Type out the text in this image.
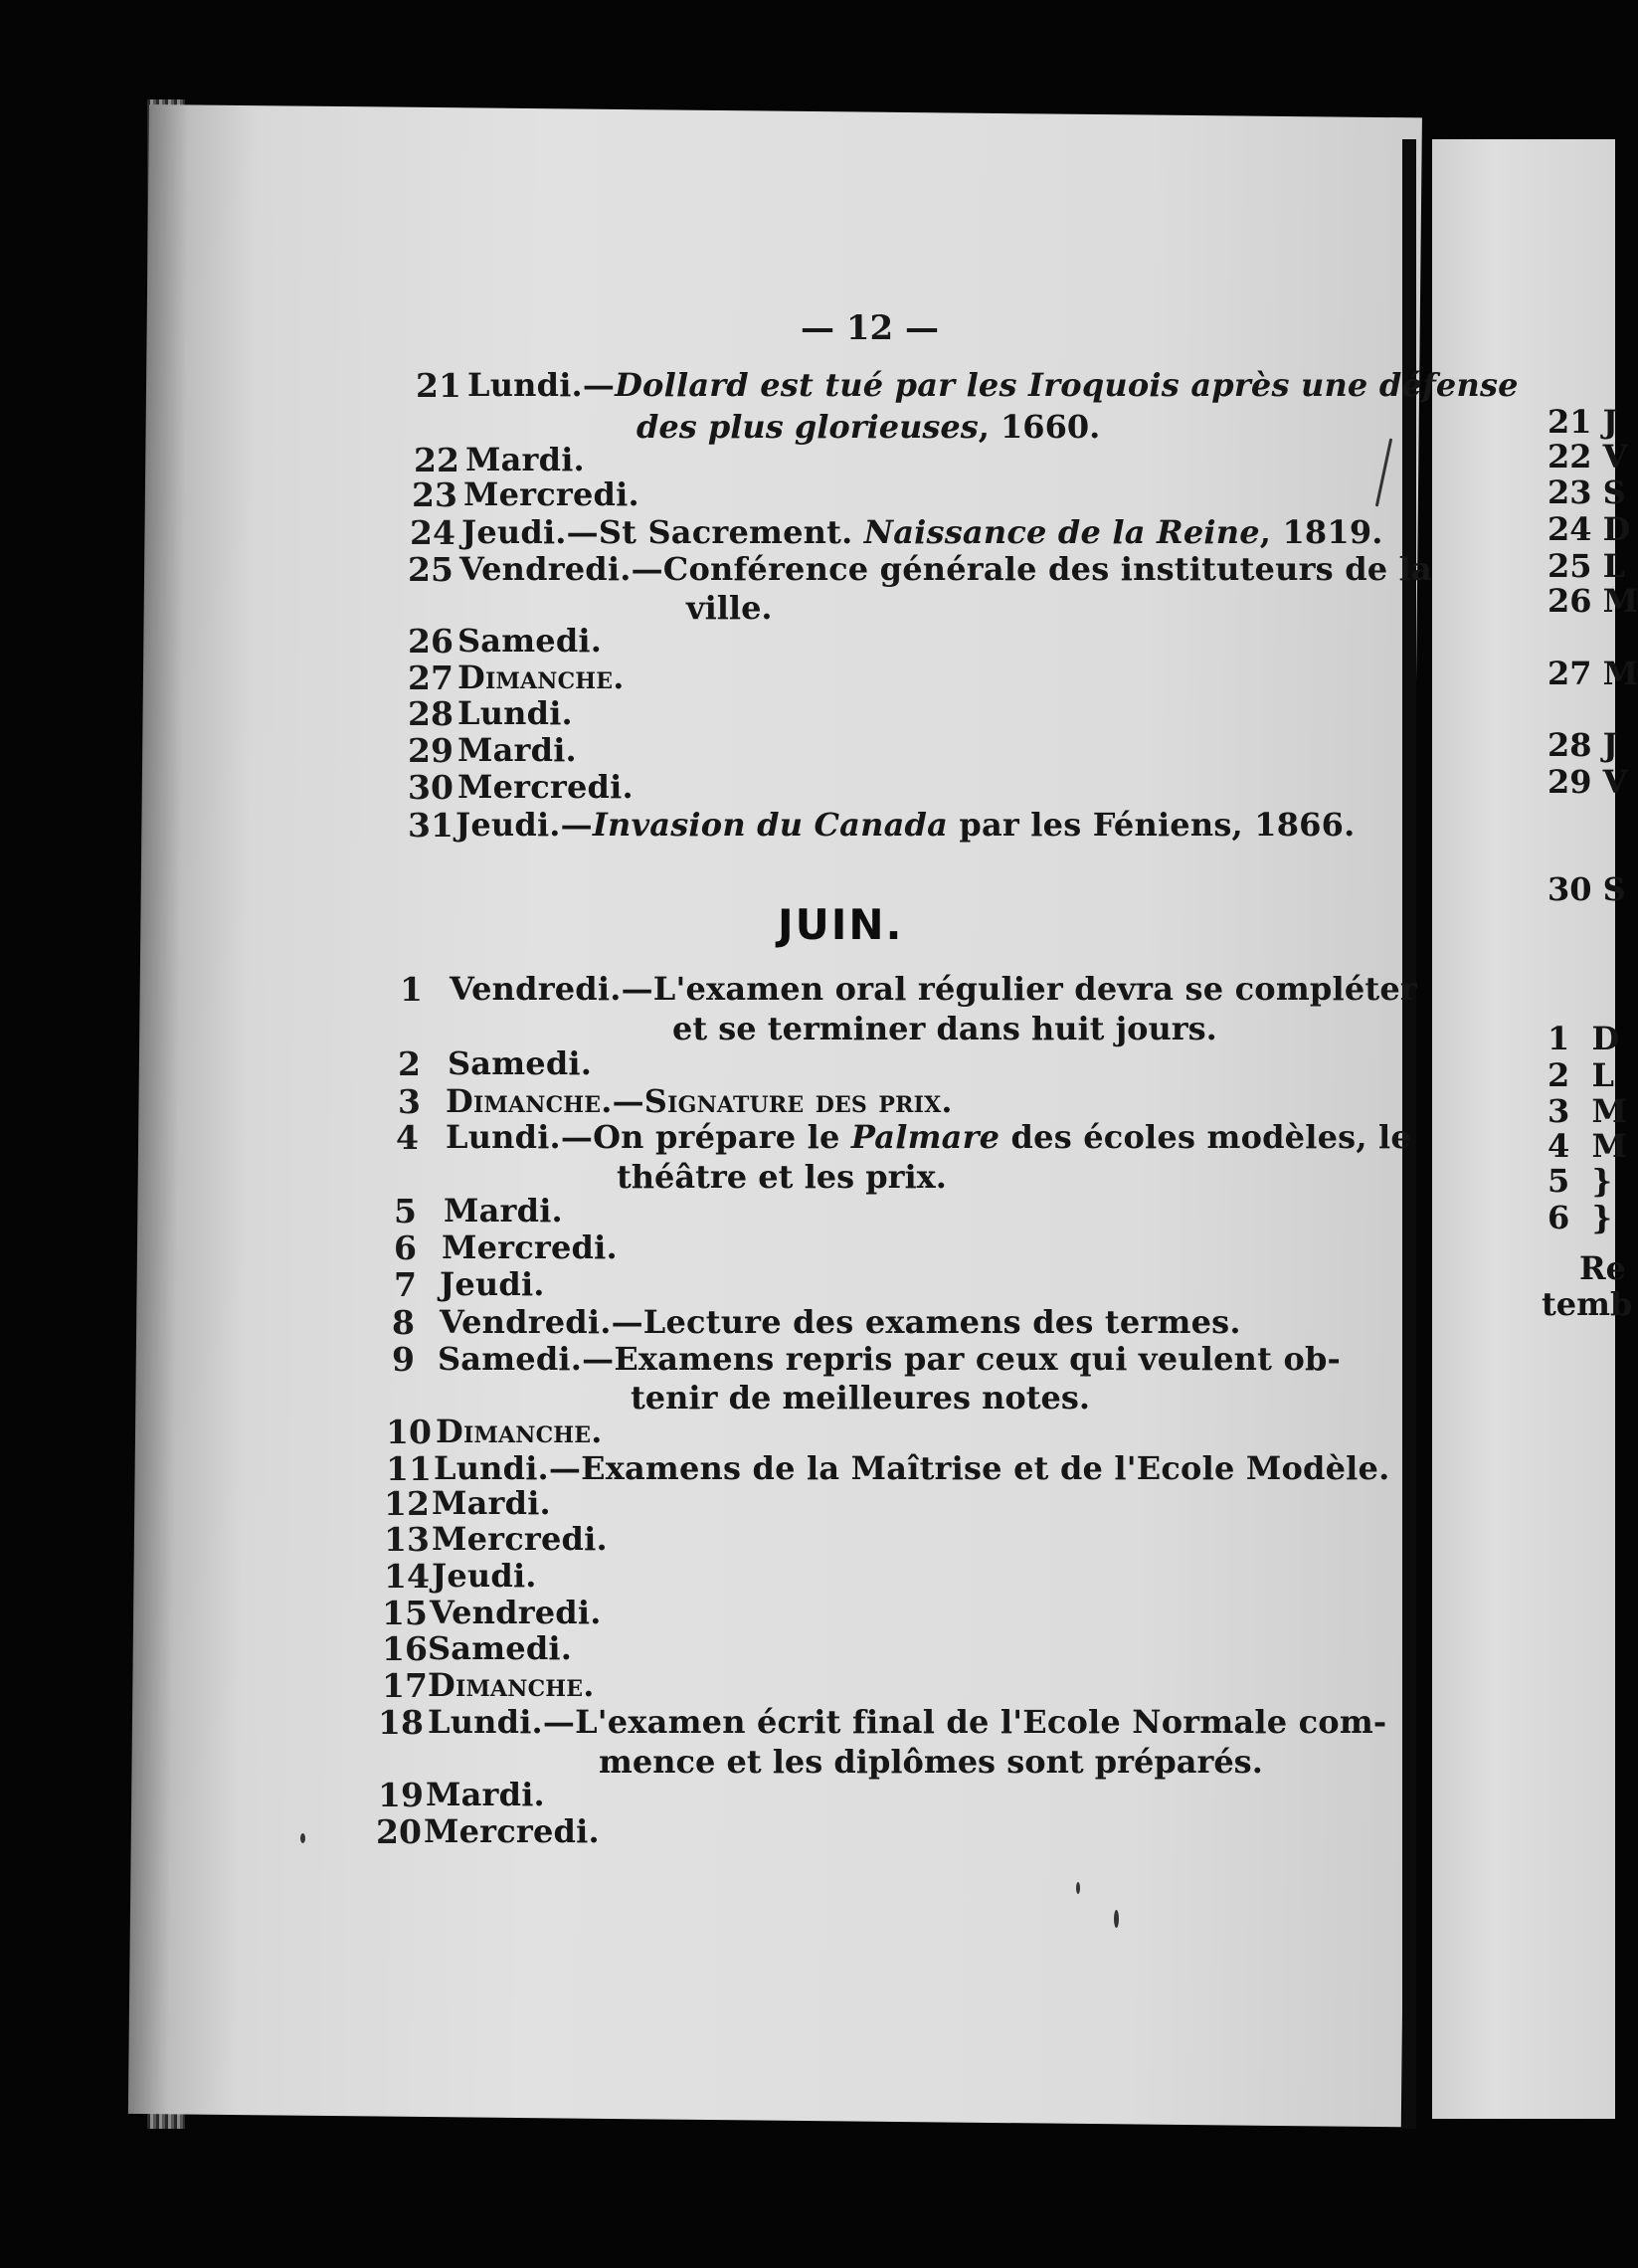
— 12 —
21 Lundi.—Dollard est tué par les Iroquois après une défense
des plus glorieuses, 1660.
22 Mardi.
23 Mercredi.
24 Jeudi.—St Sacrement. Naissance de la Reine, 1819.
25 Vendredi.—Conférence générale des instituteurs de la
ville.
26 Samedi.
27 Dimanche.
28 Lundi.
29 Mardi.
30 Mercredi.
31 Jeudi.—Invasion du Canada par les Féniens, 1866.
JUIN.
1 Vendredi.—L'examen oral régulier devra se compléter
et se terminer dans huit jours.
2 Samedi.
3 Dimanche.—Signature des prix.
4 Lundi.—On prépare le Palmare des écoles modèles, le
théâtre et les prix.
5 Mardi.
6 Mercredi.
7 Jeudi.
8 Vendredi.—Lecture des examens des termes.
9 Samedi.—Examens repris par ceux qui veulent ob-
tenir de meilleures notes.
10 Dimanche.
11 Lundi.—Examens de la Maîtrise et de l'Ecole Modèle.
12 Mardi.
13 Mercredi.
14 Jeudi.
15 Vendredi.
16 Samedi.
17 Dimanche.
18 Lundi.—L'examen écrit final de l'Ecole Normale com-
mence et les diplômes sont préparés.
19 Mardi.
20 Mercredi.
21 J
22 V
23 S
24 D
25 L
26 M
27 M
28 J
29 V
30 S
1 D
2 L
3 M
4 M
5 }
6 }
Re
temb
